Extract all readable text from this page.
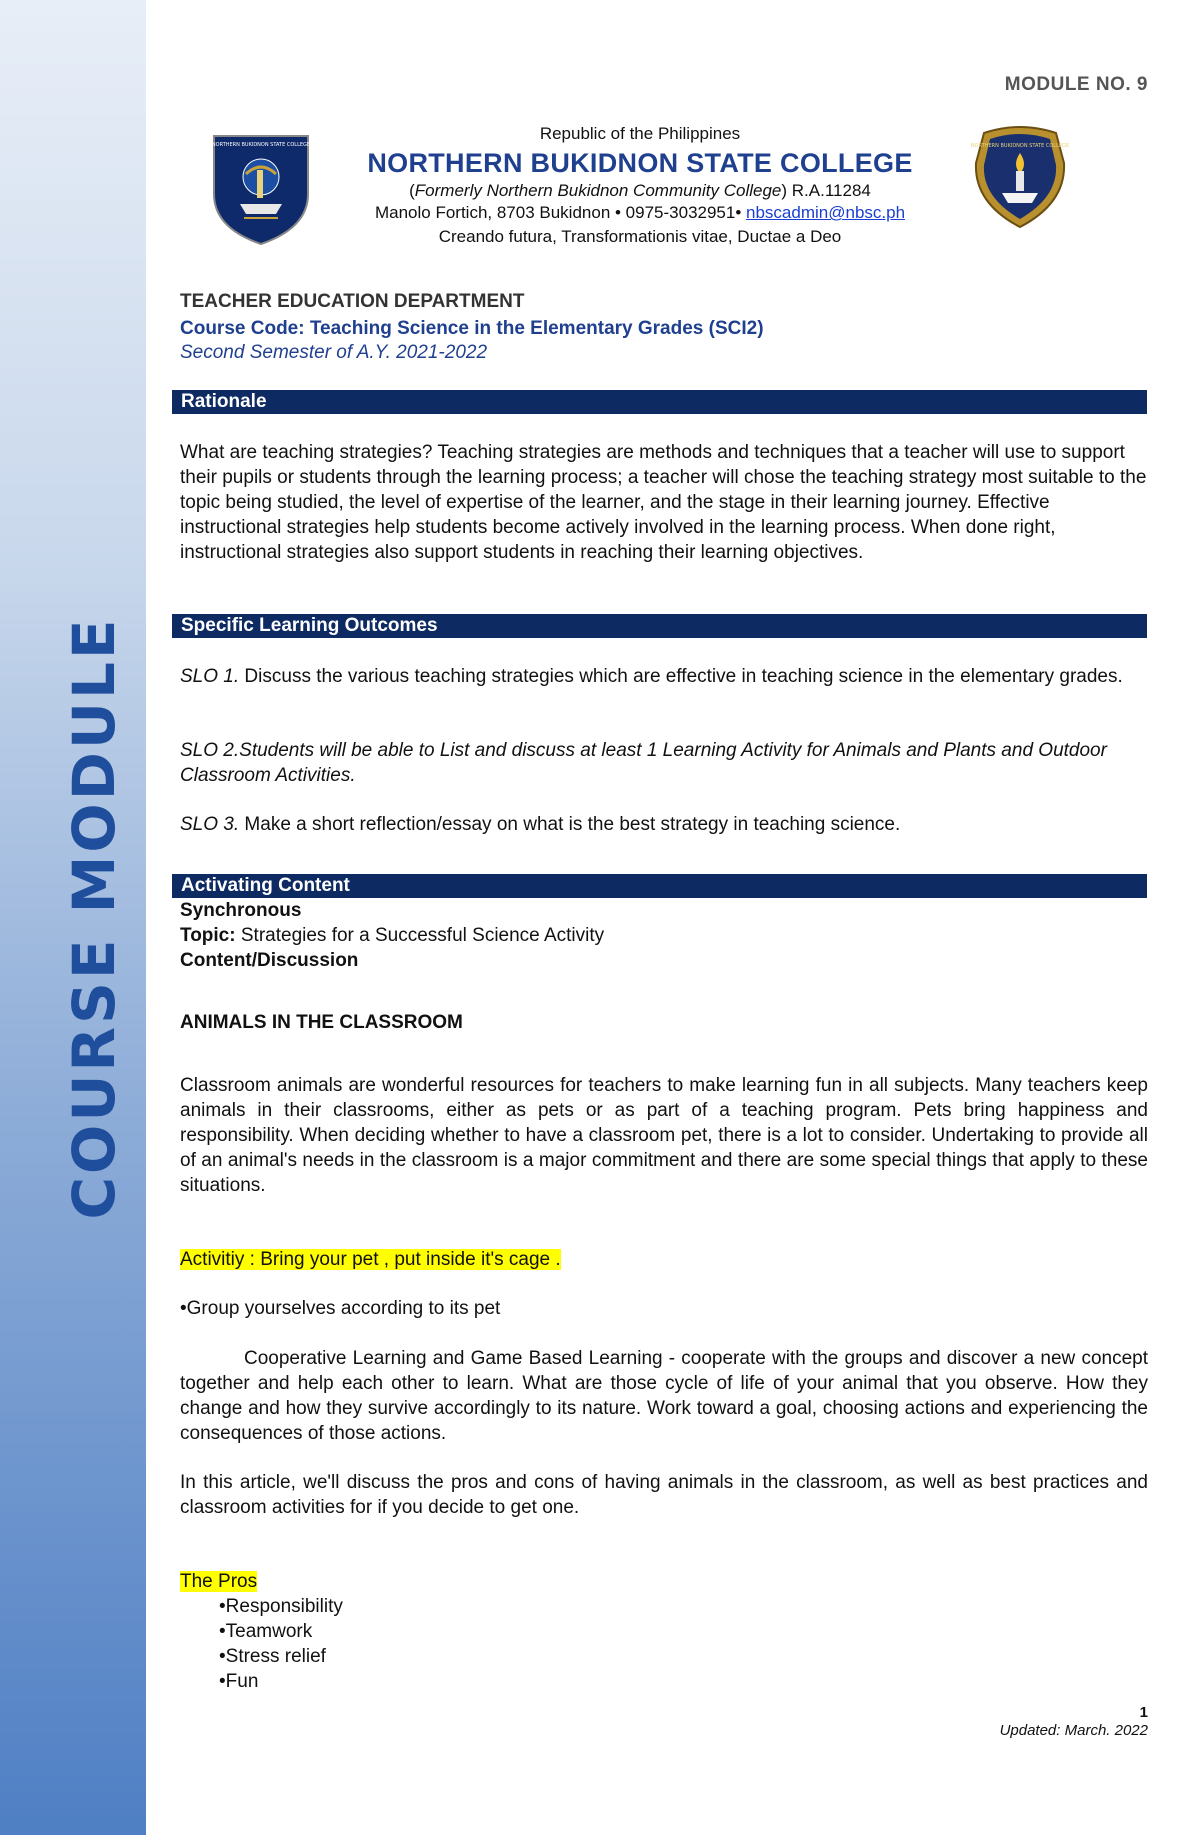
COURSE MODULE
MODULE NO. 9
NORTHERN BUKIDNON STATE COLLEGE	NORTHERN BUKIDNON STATE COLLEGE
Republic of the Philippines
NORTHERN BUKIDNON STATE COLLEGE
(Formerly Northern Bukidnon Community College) R.A.11284
Manolo Fortich, 8703 Bukidnon • 0975-3032951• nbscadmin@nbsc.ph
Creando futura, Transformationis vitae, Ductae a Deo
TEACHER EDUCATION DEPARTMENT
Course Code: Teaching Science in the Elementary Grades (SCI2)
Second Semester of A.Y. 2021-2022
Rationale
What are teaching strategies? Teaching strategies are methods and techniques that a teacher will use to support their pupils or students through the learning process; a teacher will chose the teaching strategy most suitable to the topic being studied, the level of expertise of the learner, and the stage in their learning journey. Effective instructional strategies help students become actively involved in the learning process. When done right, instructional strategies also support students in reaching their learning objectives.
Specific Learning Outcomes
SLO 1. Discuss the various teaching strategies which are effective in teaching science in the elementary grades.
SLO 2.Students will be able to List and discuss at least 1 Learning Activity for Animals and Plants and Outdoor Classroom Activities.
SLO 3. Make a short reflection/essay on what is the best strategy in teaching science.
Activating Content
Synchronous
Topic: Strategies for a Successful Science Activity
Content/Discussion
ANIMALS IN THE CLASSROOM
Classroom animals are wonderful resources for teachers to make learning fun in all subjects. Many teachers keep animals in their classrooms, either as pets or as part of a teaching program. Pets bring happiness and responsibility. When deciding whether to have a classroom pet, there is a lot to consider. Undertaking to provide all of an animal's needs in the classroom is a major commitment and there are some special things that apply to these situations.
Activitiy : Bring your pet , put inside it's cage .
•Group yourselves according to its pet
Cooperative Learning and Game Based Learning - cooperate with the groups and discover a new concept together and help each other to learn. What are those cycle of life of your animal that you observe. How they change and how they survive accordingly to its nature. Work toward a goal, choosing actions and experiencing the consequences of those actions.
In this article, we'll discuss the pros and cons of having animals in the classroom, as well as best practices and classroom activities for if you decide to get one.
The Pros
•Responsibility
•Teamwork
•Stress relief
•Fun
1
Updated: March. 2022
